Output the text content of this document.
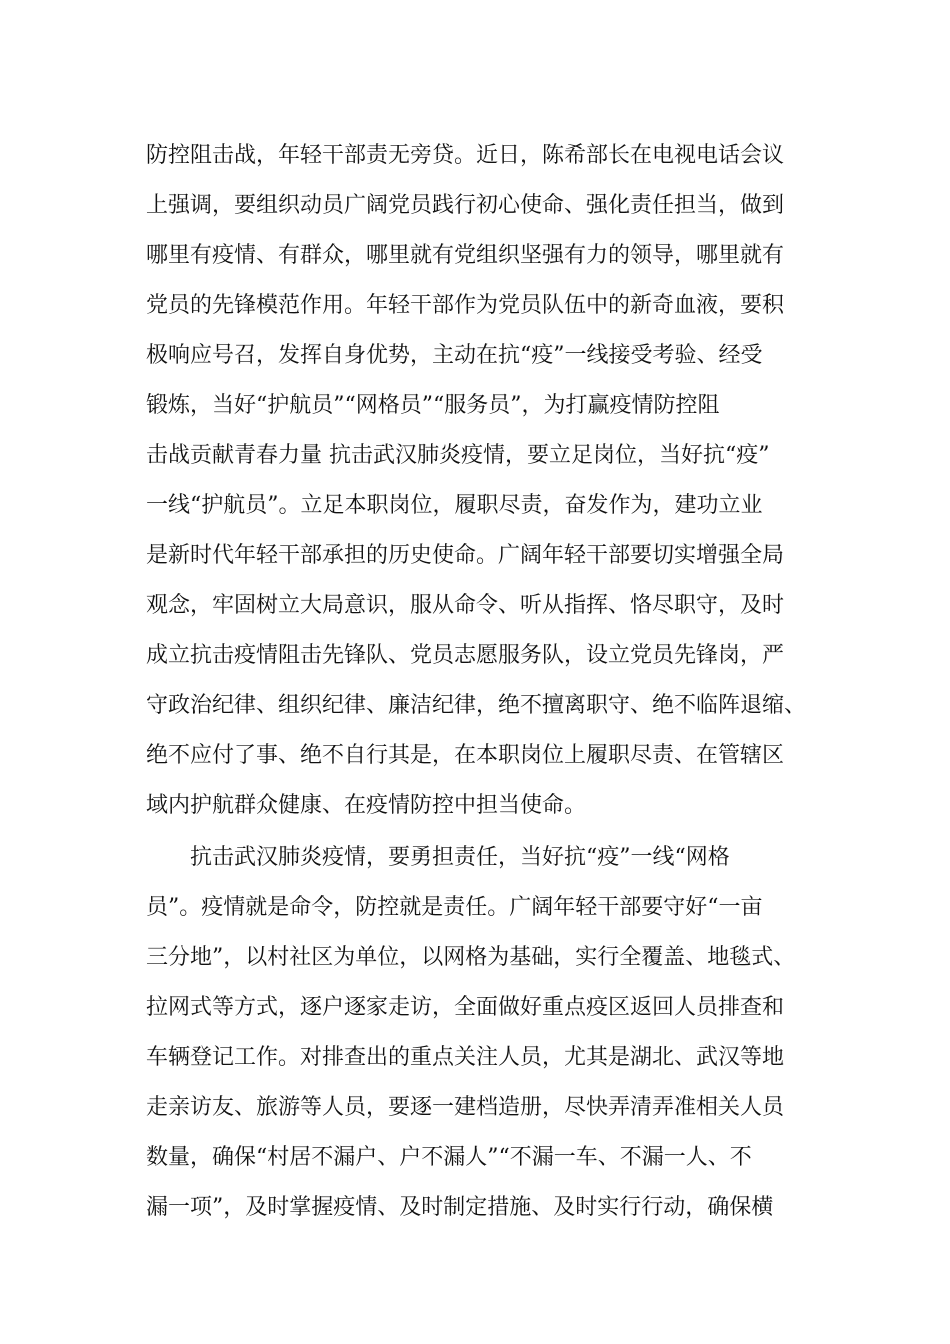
防控阻击战，年轻干部责无旁贷。近日，陈希部长在电视电话会议
上强调，要组织动员广阔党员践行初心使命、强化责任担当，做到
哪里有疫情、有群众，哪里就有党组织坚强有力的领导，哪里就有
党员的先锋模范作用。年轻干部作为党员队伍中的新奇血液，要积
极响应号召，发挥自身优势，主动在抗“疫”一线接受考验、经受
锻炼，当好“护航员”“网格员”“服务员”，为打赢疫情防控阻
击战贡献青春力量 抗击武汉肺炎疫情，要立足岗位，当好抗“疫”
一线“护航员”。立足本职岗位，履职尽责，奋发作为，建功立业
是新时代年轻干部承担的历史使命。广阔年轻干部要切实增强全局
观念，牢固树立大局意识，服从命令、听从指挥、恪尽职守，及时
成立抗击疫情阻击先锋队、党员志愿服务队，设立党员先锋岗，严
守政治纪律、组织纪律、廉洁纪律，绝不擅离职守、绝不临阵退缩、
绝不应付了事、绝不自行其是，在本职岗位上履职尽责、在管辖区
域内护航群众健康、在疫情防控中担当使命。
抗击武汉肺炎疫情，要勇担责任，当好抗“疫”一线“网格
员”。疫情就是命令，防控就是责任。广阔年轻干部要守好“一亩
三分地”，以村社区为单位，以网格为基础，实行全覆盖、地毯式、
拉网式等方式，逐户逐家走访，全面做好重点疫区返回人员排查和
车辆登记工作。对排查出的重点关注人员，尤其是湖北、武汉等地
走亲访友、旅游等人员，要逐一建档造册，尽快弄清弄准相关人员
数量，确保“村居不漏户、户不漏人”“不漏一车、不漏一人、不
漏一项”，及时掌握疫情、及时制定措施、及时实行行动，确保横
